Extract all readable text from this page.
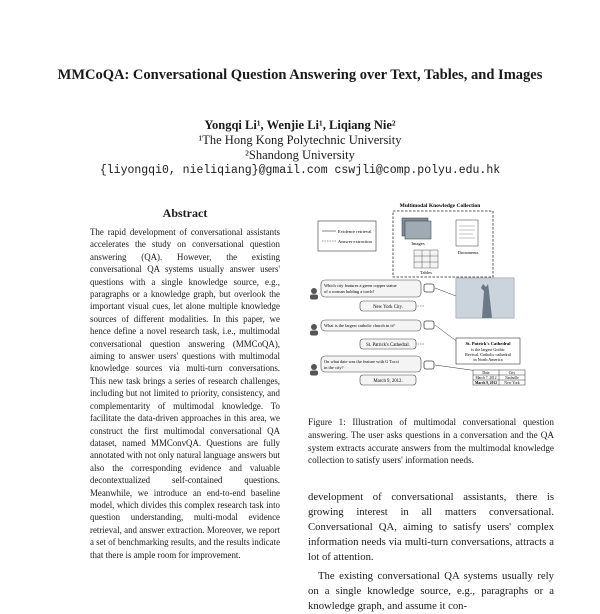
MMCoQA: Conversational Question Answering over Text, Tables, and Images
Yongqi Li¹, Wenjie Li¹, Liqiang Nie²
¹The Hong Kong Polytechnic University
²Shandong University
{liyongqi0, nieliqiang}@gmail.com cswjli@comp.polyu.edu.hk
Abstract

The rapid development of conversational assistants accelerates the study on conversational question answering (QA). However, the existing conversational QA systems usually answer users' questions with a single knowledge source, e.g., paragraphs or a knowledge graph, but overlook the important visual cues, let alone multiple knowledge sources of different modalities. In this paper, we hence define a novel research task, i.e., multimodal conversational question answering (MMCoQA), aiming to answer users' questions with multimodal knowledge sources via multi-turn conversations. This new task brings a series of research challenges, including but not limited to priority, consistency, and complementarity of multimodal knowledge. To facilitate the data-driven approaches in this area, we construct the first multimodal conversational QA dataset, named MMConvQA. Questions are fully annotated with not only natural language answers but also the corresponding evidence and valuable decontextualized self-contained questions. Meanwhile, we introduce an end-to-end baseline model, which divides this complex research task into question understanding, multi-modal evidence retrieval, and answer extraction. Moreover, we report a set of benchmarking results, and the results indicate that there is ample room for improvement.

Multimodal Knowledge Collection
Evidence retrieval
Answer extraction	Images
Documents
Tables
Which city features a green copper statue
of a woman holding a torch?
New York City.
What is the largest catholic church in it?
St. Patrick's Cathedral.
On what date was the feature with G Tocci
in the city?
March 9, 2012.
St. Patrick's Cathedral
is the largest Gothic
Revival, Catholic cathedral
in North America
Date	City
March 7, 2012 Nashville
March 9, 2012 New York
Figure 1: Illustration of multimodal conversational question answering. The user asks questions in a conversation and the QA system extracts accurate answers from the multimodal knowledge collection to satisfy users' information needs.
development of conversational assistants, there is growing interest in all matters conversational. Conversational QA, aiming to satisfy users' complex information needs via multi-turn conversations, attracts a lot of attention.
The existing conversational QA systems usually rely on a single knowledge source, e.g., paragraphs or a knowledge graph, and assume it con-
